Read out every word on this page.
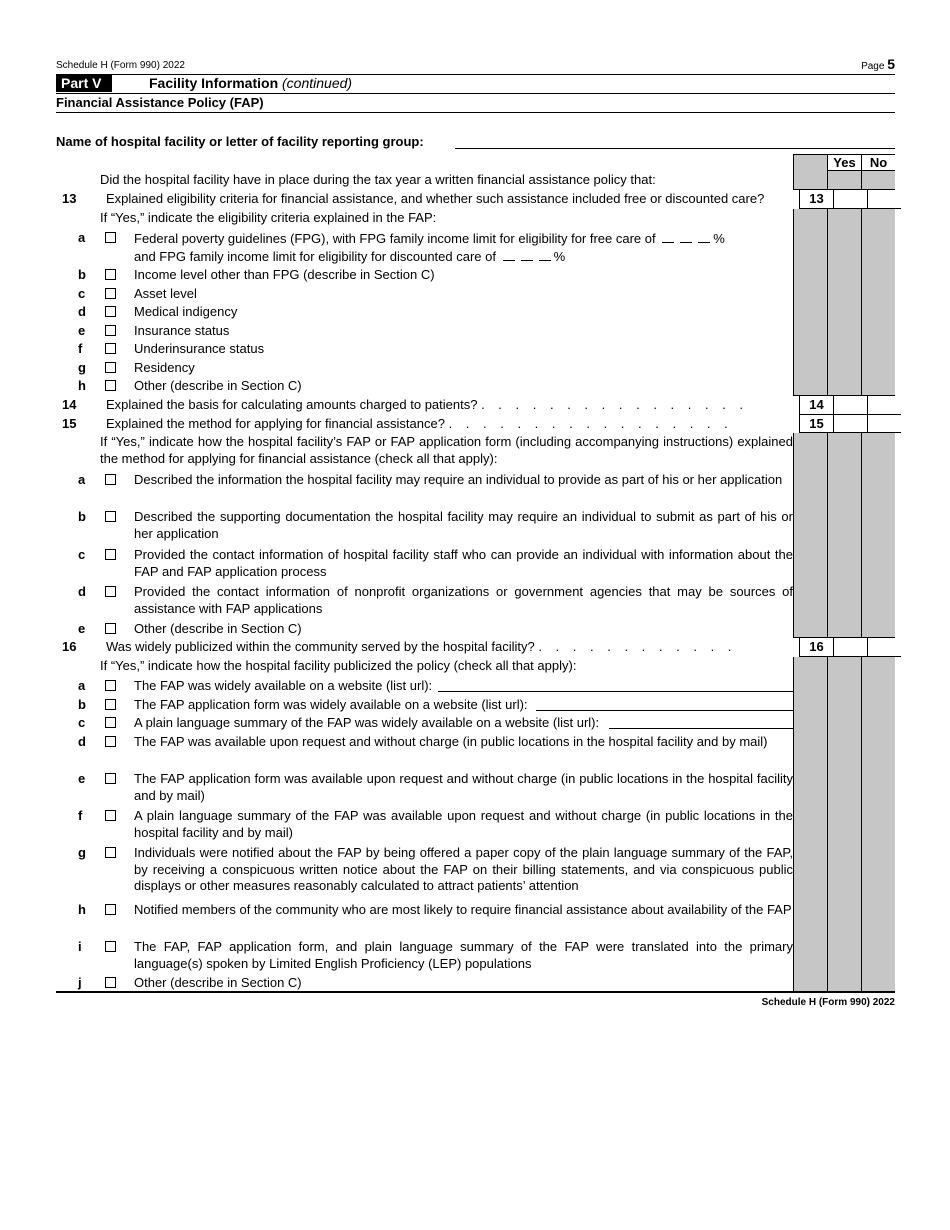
Schedule H (Form 990) 2022	Page 5
Part V	Facility Information (continued)
Financial Assistance Policy (FAP)
Name of hospital facility or letter of facility reporting group:
Yes	No
Did the hospital facility have in place during the tax year a written financial assistance policy that:
13	Explained eligibility criteria for financial assistance, and whether such assistance included free or discounted care?	13
If “Yes,” indicate the eligibility criteria explained in the FAP:
a	Federal poverty guidelines (FPG), with FPG family income limit for eligibility for free care of	%
and FPG family income limit for eligibility for discounted care of	%
b	Income level other than FPG (describe in Section C)
c	Asset level
d	Medical indigency
e	Insurance status
f	Underinsurance status
g	Residency
h	Other (describe in Section C)
14	Explained the basis for calculating amounts charged to patients? . . . . . . . . . . . . . . . .	14
15	Explained the method for applying for financial assistance? . . . . . . . . . . . . . . . . .	15
If “Yes,” indicate how the hospital facility’s FAP or FAP application form (including accompanying instructions) explained the method for applying for financial assistance (check all that apply):
a	Described the information the hospital facility may require an individual to provide as part of his or her application
b	Described the supporting documentation the hospital facility may require an individual to submit as part of his or her application
c	Provided the contact information of hospital facility staff who can provide an individual with information about the FAP and FAP application process
d	Provided the contact information of nonprofit organizations or government agencies that may be sources of assistance with FAP applications
e	Other (describe in Section C)
16	Was widely publicized within the community served by the hospital facility? . . . . . . . . . . . .	16
If “Yes,” indicate how the hospital facility publicized the policy (check all that apply):
a	The FAP was widely available on a website (list url):
b	The FAP application form was widely available on a website (list url):
c	A plain language summary of the FAP was widely available on a website (list url):
d	The FAP was available upon request and without charge (in public locations in the hospital facility and by mail)
e	The FAP application form was available upon request and without charge (in public locations in the hospital facility and by mail)
f	A plain language summary of the FAP was available upon request and without charge (in public locations in the hospital facility and by mail)
g	Individuals were notified about the FAP by being offered a paper copy of the plain language summary of the FAP, by receiving a conspicuous written notice about the FAP on their billing statements, and via conspicuous public displays or other measures reasonably calculated to attract patients’ attention
h	Notified members of the community who are most likely to require financial assistance about availability of the FAP
i	The FAP, FAP application form, and plain language summary of the FAP were translated into the primary language(s) spoken by Limited English Proficiency (LEP) populations
j	Other (describe in Section C)
Schedule H (Form 990) 2022
